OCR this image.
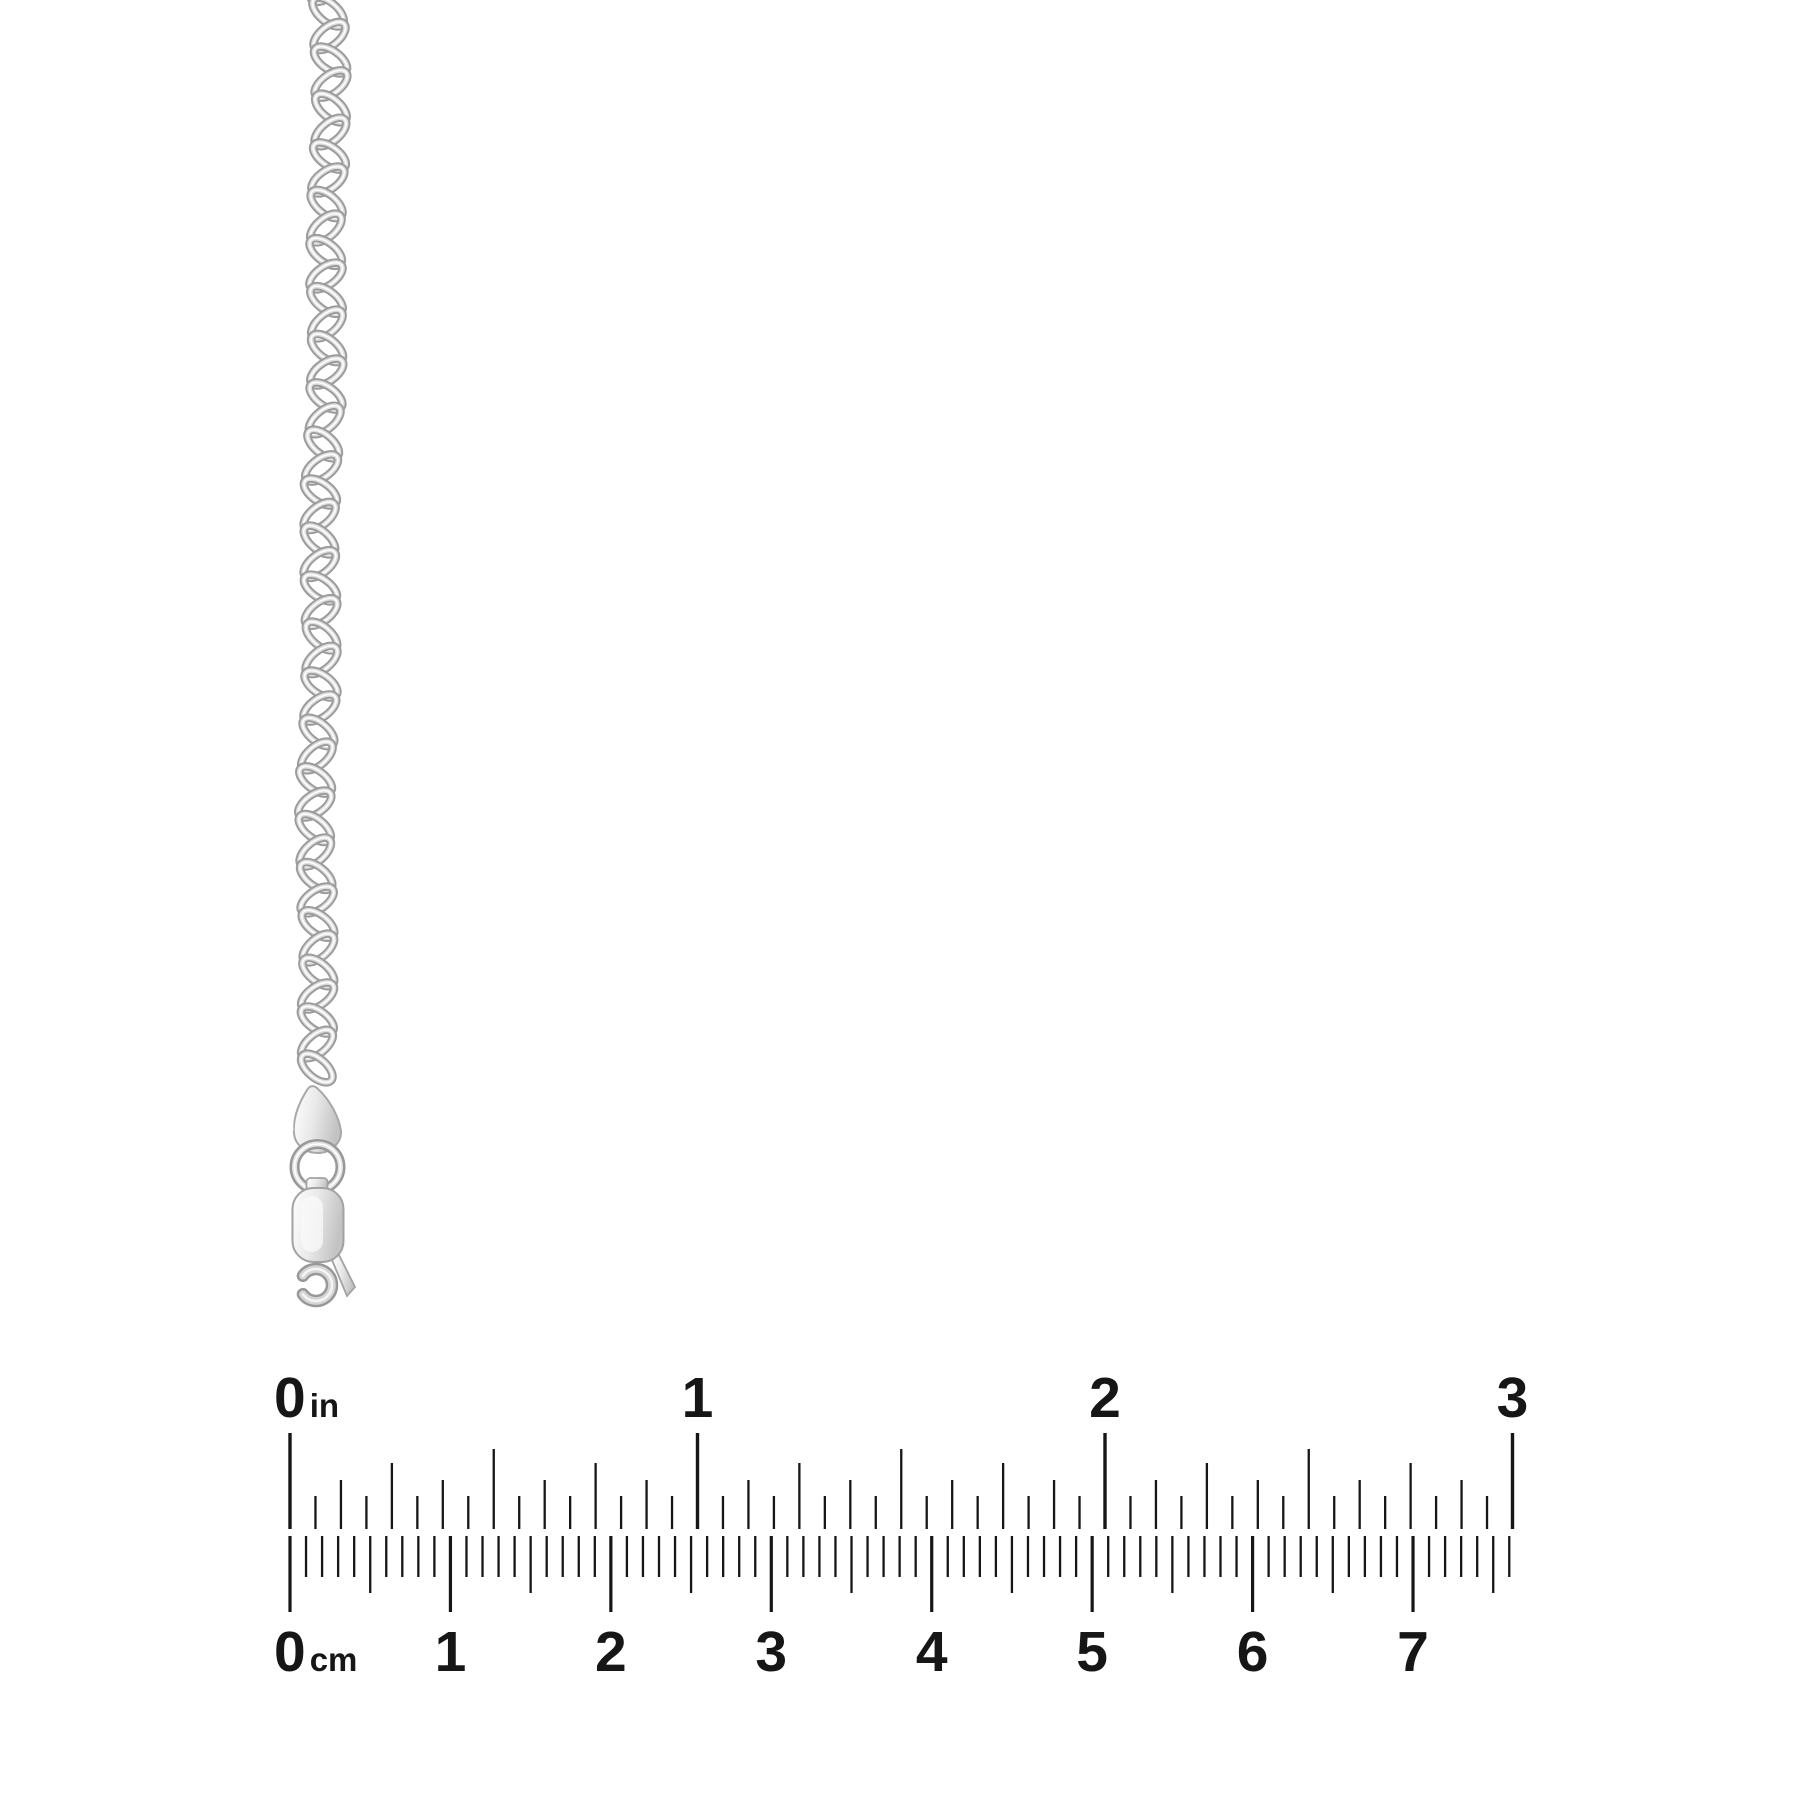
0 in	1	2	3
0 cm 1 2 3 4 5 6 7
